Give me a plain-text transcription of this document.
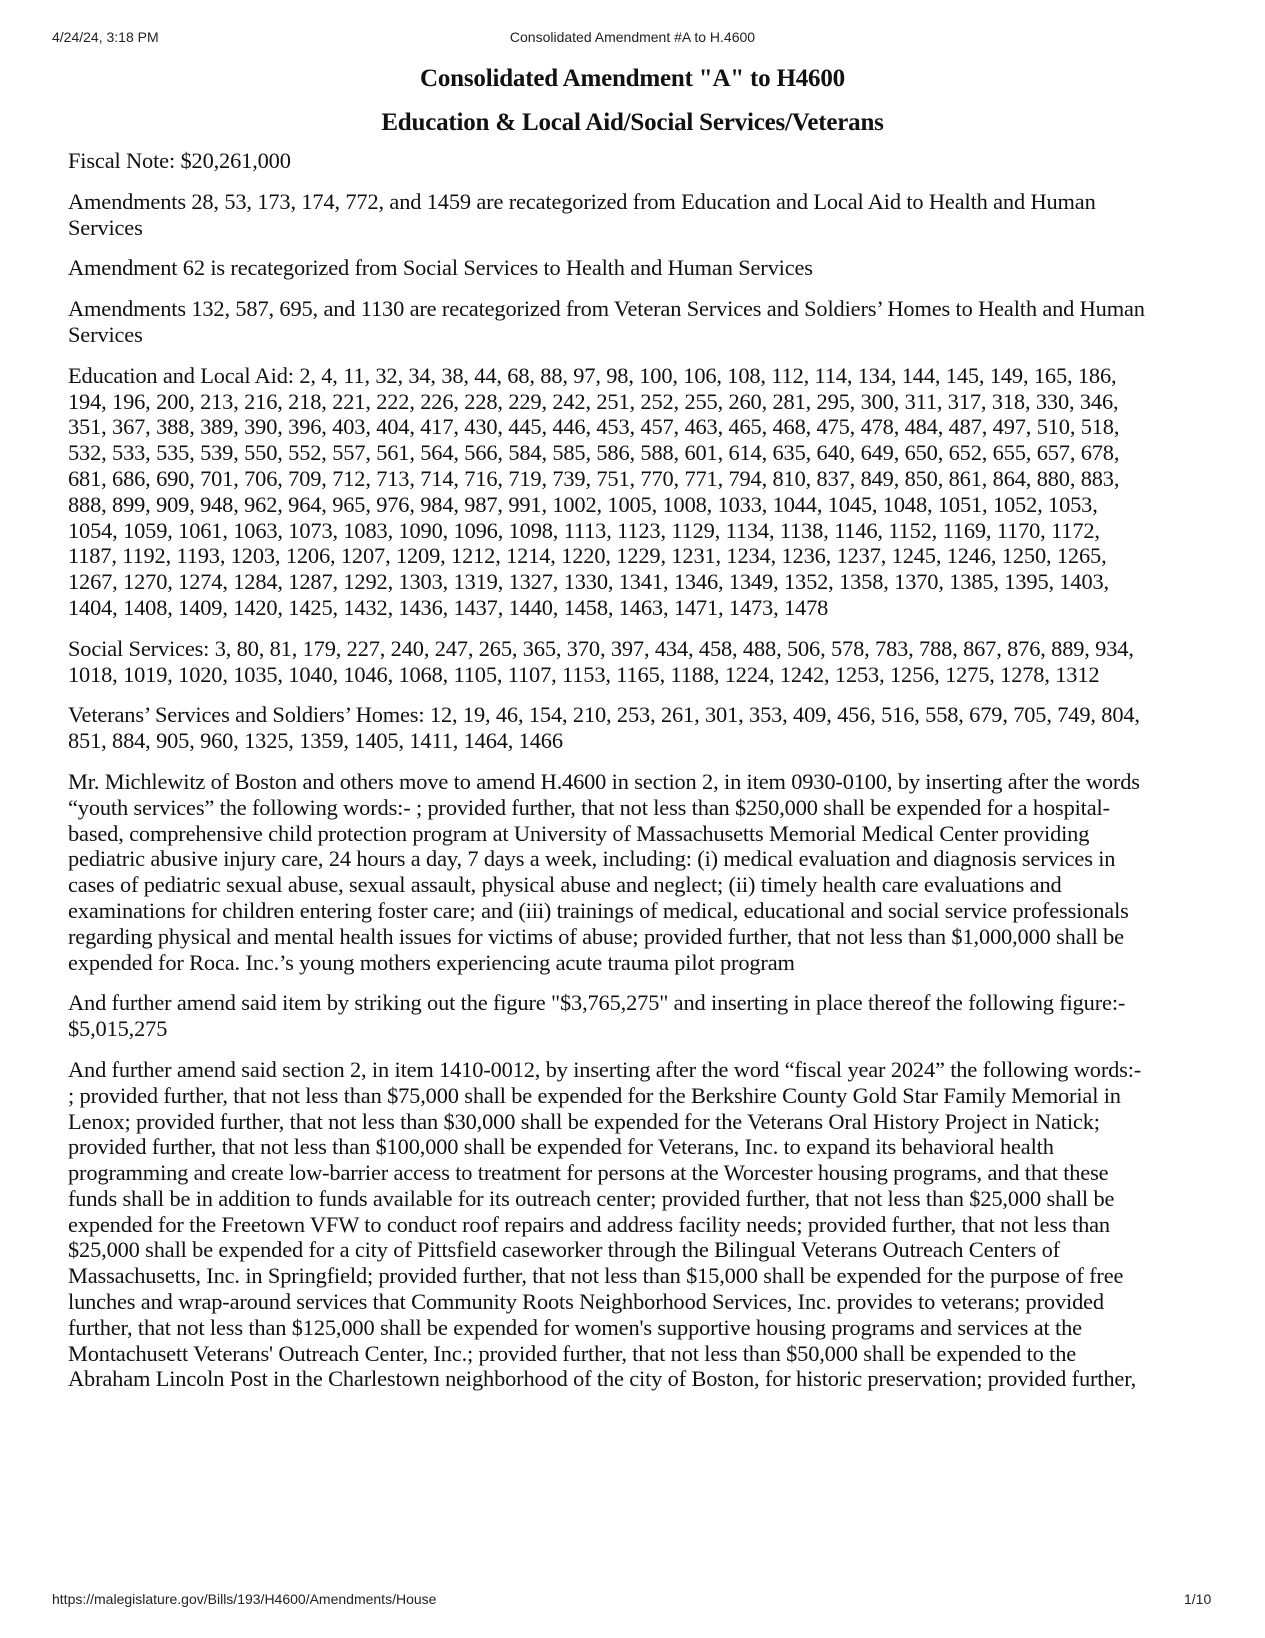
4/24/24, 3:18 PM	Consolidated Amendment #A to H.4600
Consolidated Amendment "A" to H4600
Education & Local Aid/Social Services/Veterans

Fiscal Note: $20,261,000

Amendments 28, 53, 173, 174, 772, and 1459 are recategorized from Education and Local Aid to Health and Human Services

Amendment 62 is recategorized from Social Services to Health and Human Services

Amendments 132, 587, 695, and 1130 are recategorized from Veteran Services and Soldiers’ Homes to Health and Human Services

Education and Local Aid: 2, 4, 11, 32, 34, 38, 44, 68, 88, 97, 98, 100, 106, 108, 112, 114, 134, 144, 145, 149, 165, 186, 194, 196, 200, 213, 216, 218, 221, 222, 226, 228, 229, 242, 251, 252, 255, 260, 281, 295, 300, 311, 317, 318, 330, 346, 351, 367, 388, 389, 390, 396, 403, 404, 417, 430, 445, 446, 453, 457, 463, 465, 468, 475, 478, 484, 487, 497, 510, 518, 532, 533, 535, 539, 550, 552, 557, 561, 564, 566, 584, 585, 586, 588, 601, 614, 635, 640, 649, 650, 652, 655, 657, 678, 681, 686, 690, 701, 706, 709, 712, 713, 714, 716, 719, 739, 751, 770, 771, 794, 810, 837, 849, 850, 861, 864, 880, 883, 888, 899, 909, 948, 962, 964, 965, 976, 984, 987, 991, 1002, 1005, 1008, 1033, 1044, 1045, 1048, 1051, 1052, 1053, 1054, 1059, 1061, 1063, 1073, 1083, 1090, 1096, 1098, 1113, 1123, 1129, 1134, 1138, 1146, 1152, 1169, 1170, 1172, 1187, 1192, 1193, 1203, 1206, 1207, 1209, 1212, 1214, 1220, 1229, 1231, 1234, 1236, 1237, 1245, 1246, 1250, 1265, 1267, 1270, 1274, 1284, 1287, 1292, 1303, 1319, 1327, 1330, 1341, 1346, 1349, 1352, 1358, 1370, 1385, 1395, 1403, 1404, 1408, 1409, 1420, 1425, 1432, 1436, 1437, 1440, 1458, 1463, 1471, 1473, 1478

Social Services: 3, 80, 81, 179, 227, 240, 247, 265, 365, 370, 397, 434, 458, 488, 506, 578, 783, 788, 867, 876, 889, 934, 1018, 1019, 1020, 1035, 1040, 1046, 1068, 1105, 1107, 1153, 1165, 1188, 1224, 1242, 1253, 1256, 1275, 1278, 1312

Veterans’ Services and Soldiers’ Homes: 12, 19, 46, 154, 210, 253, 261, 301, 353, 409, 456, 516, 558, 679, 705, 749, 804, 851, 884, 905, 960, 1325, 1359, 1405, 1411, 1464, 1466

Mr. Michlewitz of Boston and others move to amend H.4600 in section 2, in item 0930-0100, by inserting after the words “youth services” the following words:- ; provided further, that not less than $250,000 shall be expended for a hospital-based, comprehensive child protection program at University of Massachusetts Memorial Medical Center providing pediatric abusive injury care, 24 hours a day, 7 days a week, including: (i) medical evaluation and diagnosis services in cases of pediatric sexual abuse, sexual assault, physical abuse and neglect; (ii) timely health care evaluations and examinations for children entering foster care; and (iii) trainings of medical, educational and social service professionals regarding physical and mental health issues for victims of abuse; provided further, that not less than $1,000,000 shall be expended for Roca. Inc.’s young mothers experiencing acute trauma pilot program

And further amend said item by striking out the figure "$3,765,275" and inserting in place thereof the following figure:- $5,015,275

And further amend said section 2, in item 1410-0012, by inserting after the word “fiscal year 2024” the following words:- ; provided further, that not less than $75,000 shall be expended for the Berkshire County Gold Star Family Memorial in Lenox; provided further, that not less than $30,000 shall be expended for the Veterans Oral History Project in Natick; provided further, that not less than $100,000 shall be expended for Veterans, Inc. to expand its behavioral health programming and create low-barrier access to treatment for persons at the Worcester housing programs, and that these funds shall be in addition to funds available for its outreach center; provided further, that not less than $25,000 shall be expended for the Freetown VFW to conduct roof repairs and address facility needs; provided further, that not less than $25,000 shall be expended for a city of Pittsfield caseworker through the Bilingual Veterans Outreach Centers of Massachusetts, Inc. in Springfield; provided further, that not less than $15,000 shall be expended for the purpose of free lunches and wrap-around services that Community Roots Neighborhood Services, Inc. provides to veterans; provided further, that not less than $125,000 shall be expended for women's supportive housing programs and services at the Montachusett Veterans' Outreach Center, Inc.; provided further, that not less than $50,000 shall be expended to the Abraham Lincoln Post in the Charlestown neighborhood of the city of Boston, for historic preservation; provided further,

https://malegislature.gov/Bills/193/H4600/Amendments/House	1/10
